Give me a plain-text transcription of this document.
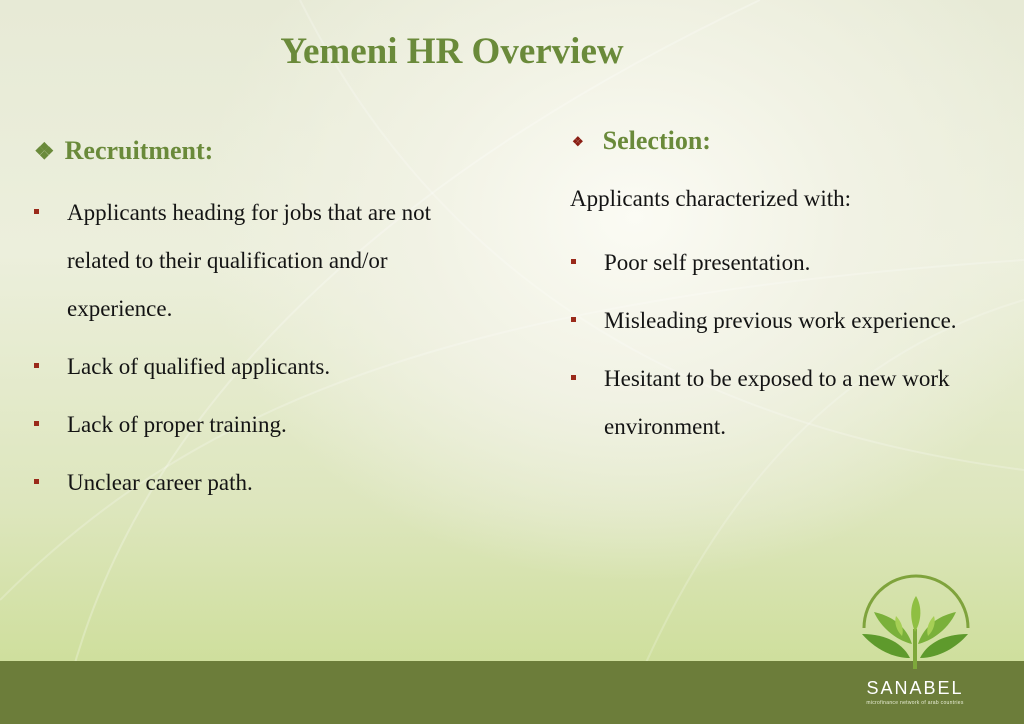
Yemeni HR Overview
❖ Recruitment:
Applicants heading for jobs that are not related to their qualification and/or experience.
Lack of qualified applicants.
Lack of proper training.
Unclear career path.
❖ Selection:
Applicants characterized with:
Poor self presentation.
Misleading previous work experience.
Hesitant to be exposed to a new work environment.
SANABEL
microfinance network of arab countries
